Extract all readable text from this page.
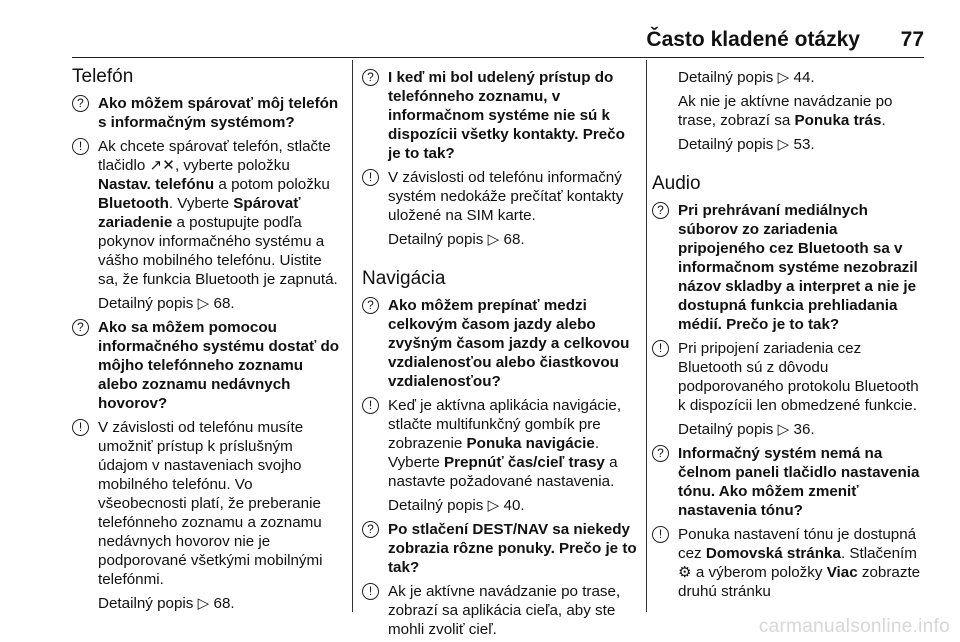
Často kladené otázky 77
Telefón
? Ako môžem spárovať môj telefón s informačným systémom?
!	Ak chcete spárovať telefón, stlačte tlačidlo ↗✕, vyberte položku Nastav. telefónu a potom položku Bluetooth. Vyberte Spárovať zariadenie a postupujte podľa pokynov informačného systému a vášho mobilného telefónu. Uistite sa, že funkcia Bluetooth je zapnutá.
Detailný popis ▷ 68.
? Ako sa môžem pomocou informačného systému dostať do môjho telefónneho zoznamu alebo zoznamu nedávnych hovorov?
!	V závislosti od telefónu musíte umožniť prístup k príslušným údajom v nastaveniach svojho mobilného telefónu. Vo všeobecnosti platí, že preberanie telefónneho zoznamu a zoznamu nedávnych hovorov nie je podporované všetkými mobilnými telefónmi.
Detailný popis ▷ 68.
? I keď mi bol udelený prístup do telefónneho zoznamu, v informačnom systéme nie sú k dispozícii všetky kontakty. Prečo je to tak?
!	V závislosti od telefónu informačný systém nedokáže prečítať kontakty uložené na SIM karte.
Detailný popis ▷ 68.
Navigácia
? Ako môžem prepínať medzi celkovým časom jazdy alebo zvyšným časom jazdy a celkovou vzdialenosťou alebo čiastkovou vzdialenosťou?
!	Keď je aktívna aplikácia navigácie, stlačte multifunkčný gombík pre zobrazenie Ponuka navigácie. Vyberte Prepnúť čas/cieľ trasy a nastavte požadované nastavenia.
Detailný popis ▷ 40.
? Po stlačení DEST/NAV sa niekedy zobrazia rôzne ponuky. Prečo je to tak?
!	Ak je aktívne navádzanie po trase, zobrazí sa aplikácia cieľa, aby ste mohli zvoliť cieľ.
Detailný popis ▷ 44.
Ak nie je aktívne navádzanie po trase, zobrazí sa Ponuka trás.
Detailný popis ▷ 53.
Audio
? Pri prehrávaní mediálnych súborov zo zariadenia pripojeného cez Bluetooth sa v informačnom systéme nezobrazil názov skladby a interpret a nie je dostupná funkcia prehliadania médií. Prečo je to tak?
!	Pri pripojení zariadenia cez Bluetooth sú z dôvodu podporovaného protokolu Bluetooth k dispozícii len obmedzené funkcie.
Detailný popis ▷ 36.
? Informačný systém nemá na čelnom paneli tlačidlo nastavenia tónu. Ako môžem zmeniť nastavenia tónu?
!	Ponuka nastavení tónu je dostupná cez Domovská stránka. Stlačením ⚙ a výberom položky Viac zobrazte druhú stránku
carmanualsonline.info
